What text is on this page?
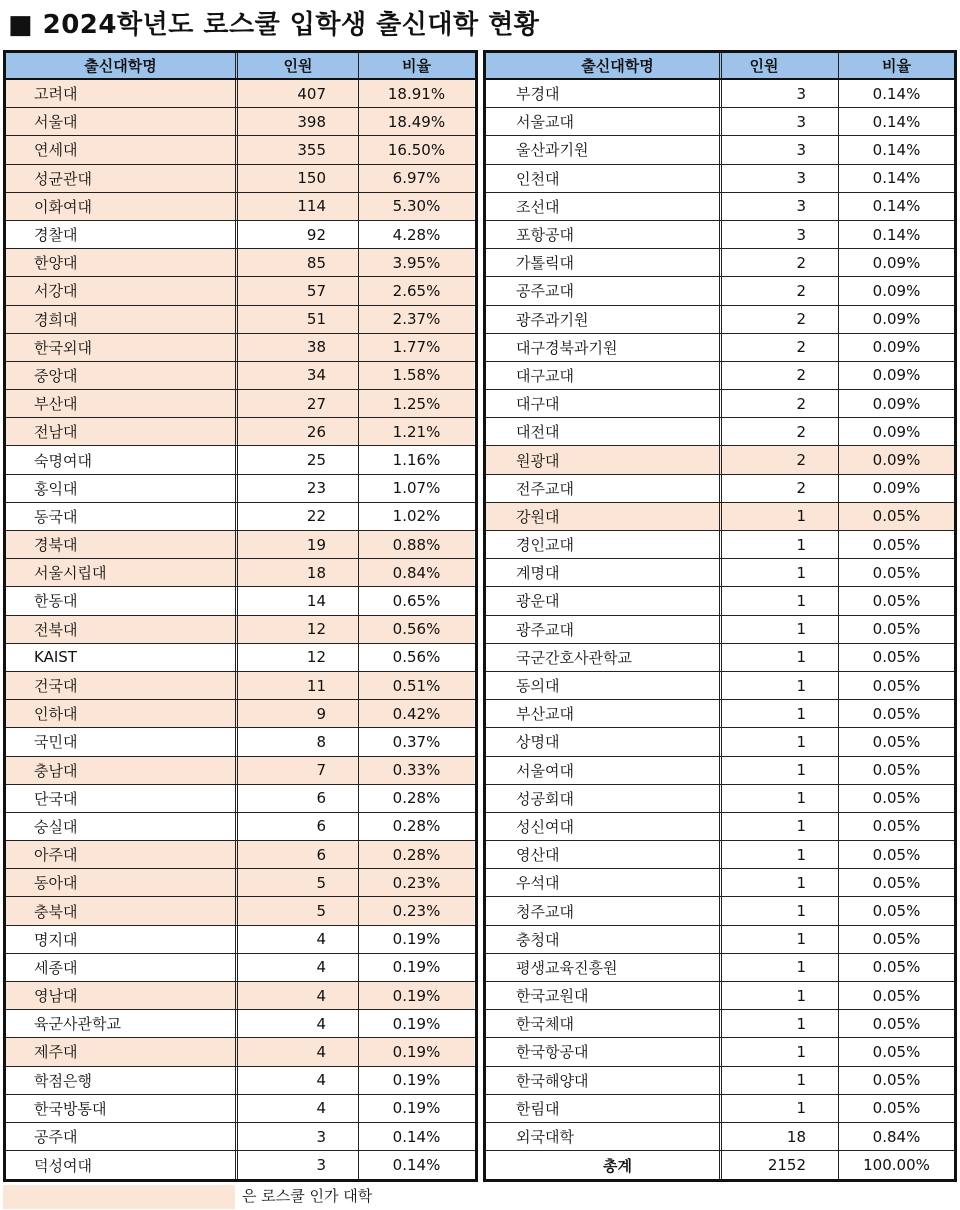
■ 2024학년도 로스쿨 입학생 출신대학 현황
출신대학명	인원	비율
고려대	407	18.91%
서울대	398	18.49%
연세대	355	16.50%
성균관대	150	6.97%
이화여대	114	5.30%
경찰대	92	4.28%
한양대	85	3.95%
서강대	57	2.65%
경희대	51	2.37%
한국외대	38	1.77%
중앙대	34	1.58%
부산대	27	1.25%
전남대	26	1.21%
숙명여대	25	1.16%
홍익대	23	1.07%
동국대	22	1.02%
경북대	19	0.88%
서울시립대	18	0.84%
한동대	14	0.65%
전북대	12	0.56%
KAIST	12	0.56%
건국대	11	0.51%
인하대	9	0.42%
국민대	8	0.37%
충남대	7	0.33%
단국대	6	0.28%
숭실대	6	0.28%
아주대	6	0.28%
동아대	5	0.23%
충북대	5	0.23%
명지대	4	0.19%
세종대	4	0.19%
영남대	4	0.19%
육군사관학교	4	0.19%
제주대	4	0.19%
학점은행	4	0.19%
한국방통대	4	0.19%
공주대	3	0.14%
덕성여대	3	0.14%
출신대학명	인원	비율
부경대	3	0.14%
서울교대	3	0.14%
울산과기원	3	0.14%
인천대	3	0.14%
조선대	3	0.14%
포항공대	3	0.14%
가톨릭대	2	0.09%
공주교대	2	0.09%
광주과기원	2	0.09%
대구경북과기원	2	0.09%
대구교대	2	0.09%
대구대	2	0.09%
대전대	2	0.09%
원광대	2	0.09%
전주교대	2	0.09%
강원대	1	0.05%
경인교대	1	0.05%
계명대	1	0.05%
광운대	1	0.05%
광주교대	1	0.05%
국군간호사관학교	1	0.05%
동의대	1	0.05%
부산교대	1	0.05%
상명대	1	0.05%
서울여대	1	0.05%
성공회대	1	0.05%
성신여대	1	0.05%
영산대	1	0.05%
우석대	1	0.05%
청주교대	1	0.05%
충청대	1	0.05%
평생교육진흥원	1	0.05%
한국교원대	1	0.05%
한국체대	1	0.05%
한국항공대	1	0.05%
한국해양대	1	0.05%
한림대	1	0.05%
외국대학	18	0.84%
총계	2152	100.00%
은 로스쿨 인가 대학
